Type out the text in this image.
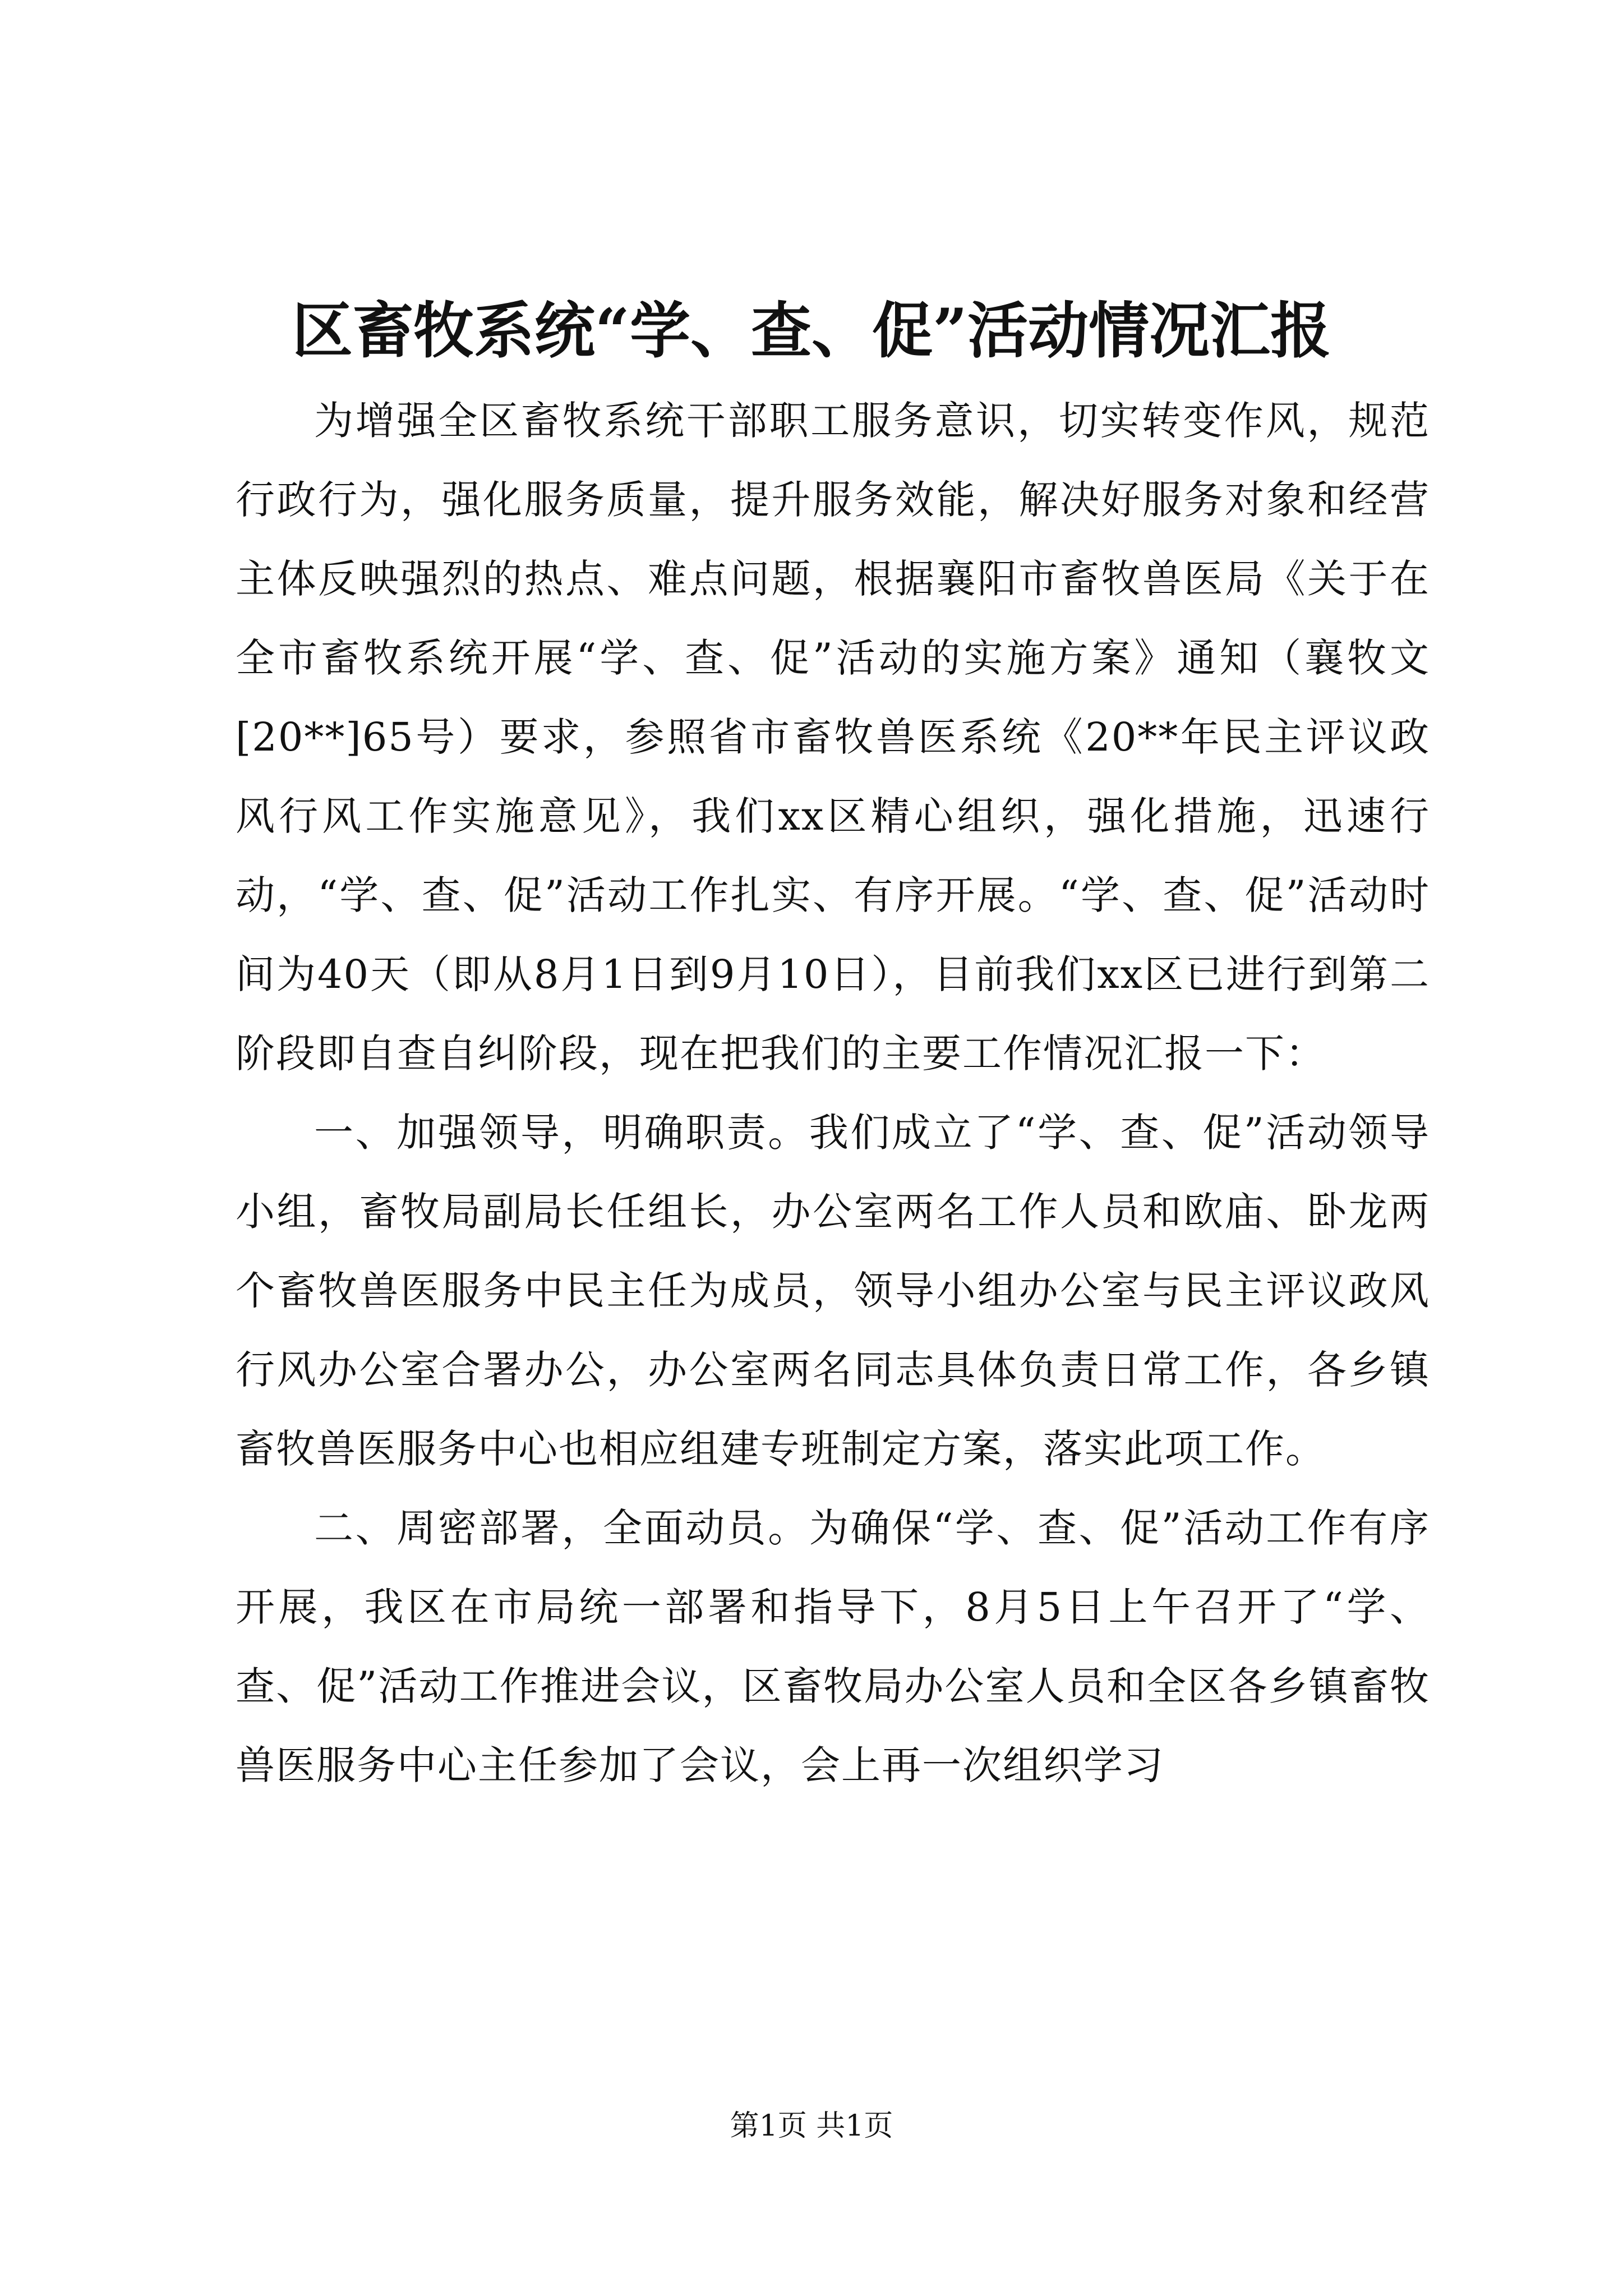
区畜牧系统“学、查、促”活动情况汇报

为增强全区畜牧系统干部职工服务意识，切实转变作风，规范行政行为，强化服务质量，提升服务效能，解决好服务对象和经营主体反映强烈的热点、难点问题，根据襄阳市畜牧兽医局《关于在全市畜牧系统开展“学、查、促”活动的实施方案》通知（襄牧文[20**]65号）要求，参照省市畜牧兽医系统《20**年民主评议政风行风工作实施意见》，我们xx区精心组织，强化措施，迅速行动，“学、查、促”活动工作扎实、有序开展。“学、查、促”活动时间为40天（即从8月1日到9月10日），目前我们xx区已进行到第二阶段即自查自纠阶段，现在把我们的主要工作情况汇报一下：

一、加强领导，明确职责。我们成立了“学、查、促”活动领导小组，畜牧局副局长任组长，办公室两名工作人员和欧庙、卧龙两个畜牧兽医服务中民主任为成员，领导小组办公室与民主评议政风行风办公室合署办公，办公室两名同志具体负责日常工作，各乡镇畜牧兽医服务中心也相应组建专班制定方案，落实此项工作。

二、周密部署，全面动员。为确保“学、查、促”活动工作有序开展，我区在市局统一部署和指导下，8月5日上午召开了“学、查、促”活动工作推进会议，区畜牧局办公室人员和全区各乡镇畜牧兽医服务中心主任参加了会议，会上再一次组织学习

第1页 共1页
